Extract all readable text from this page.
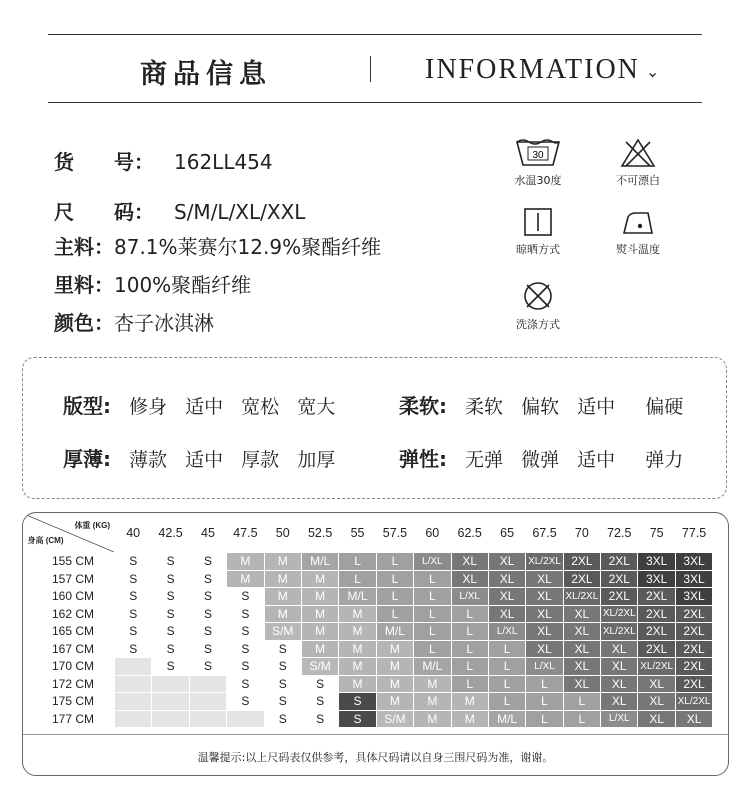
商品信息	INFORMATION ⌄
货　　号： 162LL454
尺　　码： S/M/L/XL/XXL
主料：87.1%莱赛尔12.9%聚酯纤维
里料：100%聚酯纤维
颜色：杏子冰淇淋
30
水温30度	不可漂白
晾晒方式	熨斗温度
洗涤方式
版型: 修身 适中 宽松 宽大	柔软: 柔软 偏软 适中 偏硬
厚薄: 薄款 适中 厚款 加厚	弹性: 无弹 微弹 适中 弹力
体重 (KG)
身高 (CM)	40	42.5	45	47.5	50	52.5	55	57.5	60	62.5	65	67.5	70	72.5	75	77.5
155 CM	S	S	S	M	M	M/L	L	L	L/XL	XL	XL	XL/2XL	2XL	2XL	3XL	3XL
157 CM	S	S	S	M	M	M	L	L	L	XL	XL	XL	2XL	2XL	3XL	3XL
160 CM	S	S	S	S	M	M	M/L	L	L	L/XL	XL	XL	XL/2XL	2XL	2XL	3XL
162 CM	S	S	S	S	M	M	M	L	L	L	XL	XL	XL	XL/2XL	2XL	2XL
165 CM	S	S	S	S	S/M	M	M	M/L	L	L	L/XL	XL	XL	XL/2XL	2XL	2XL
167 CM	S	S	S	S	S	M	M	M	L	L	L	XL	XL	XL	2XL	2XL
170 CM		S	S	S	S	S/M	M	M	M/L	L	L	L/XL	XL	XL	XL/2XL	2XL
172 CM				S	S	S	M	M	M	L	L	L	XL	XL	XL	2XL
175 CM				S	S	S	S	M	M	M	L	L	L	XL	XL	XL/2XL
177 CM					S	S	S	S/M	M	M	M/L	L	L	L/XL	XL	XL
温馨提示:以上尺码表仅供参考，具体尺码请以自身三围尺码为准，谢谢。
